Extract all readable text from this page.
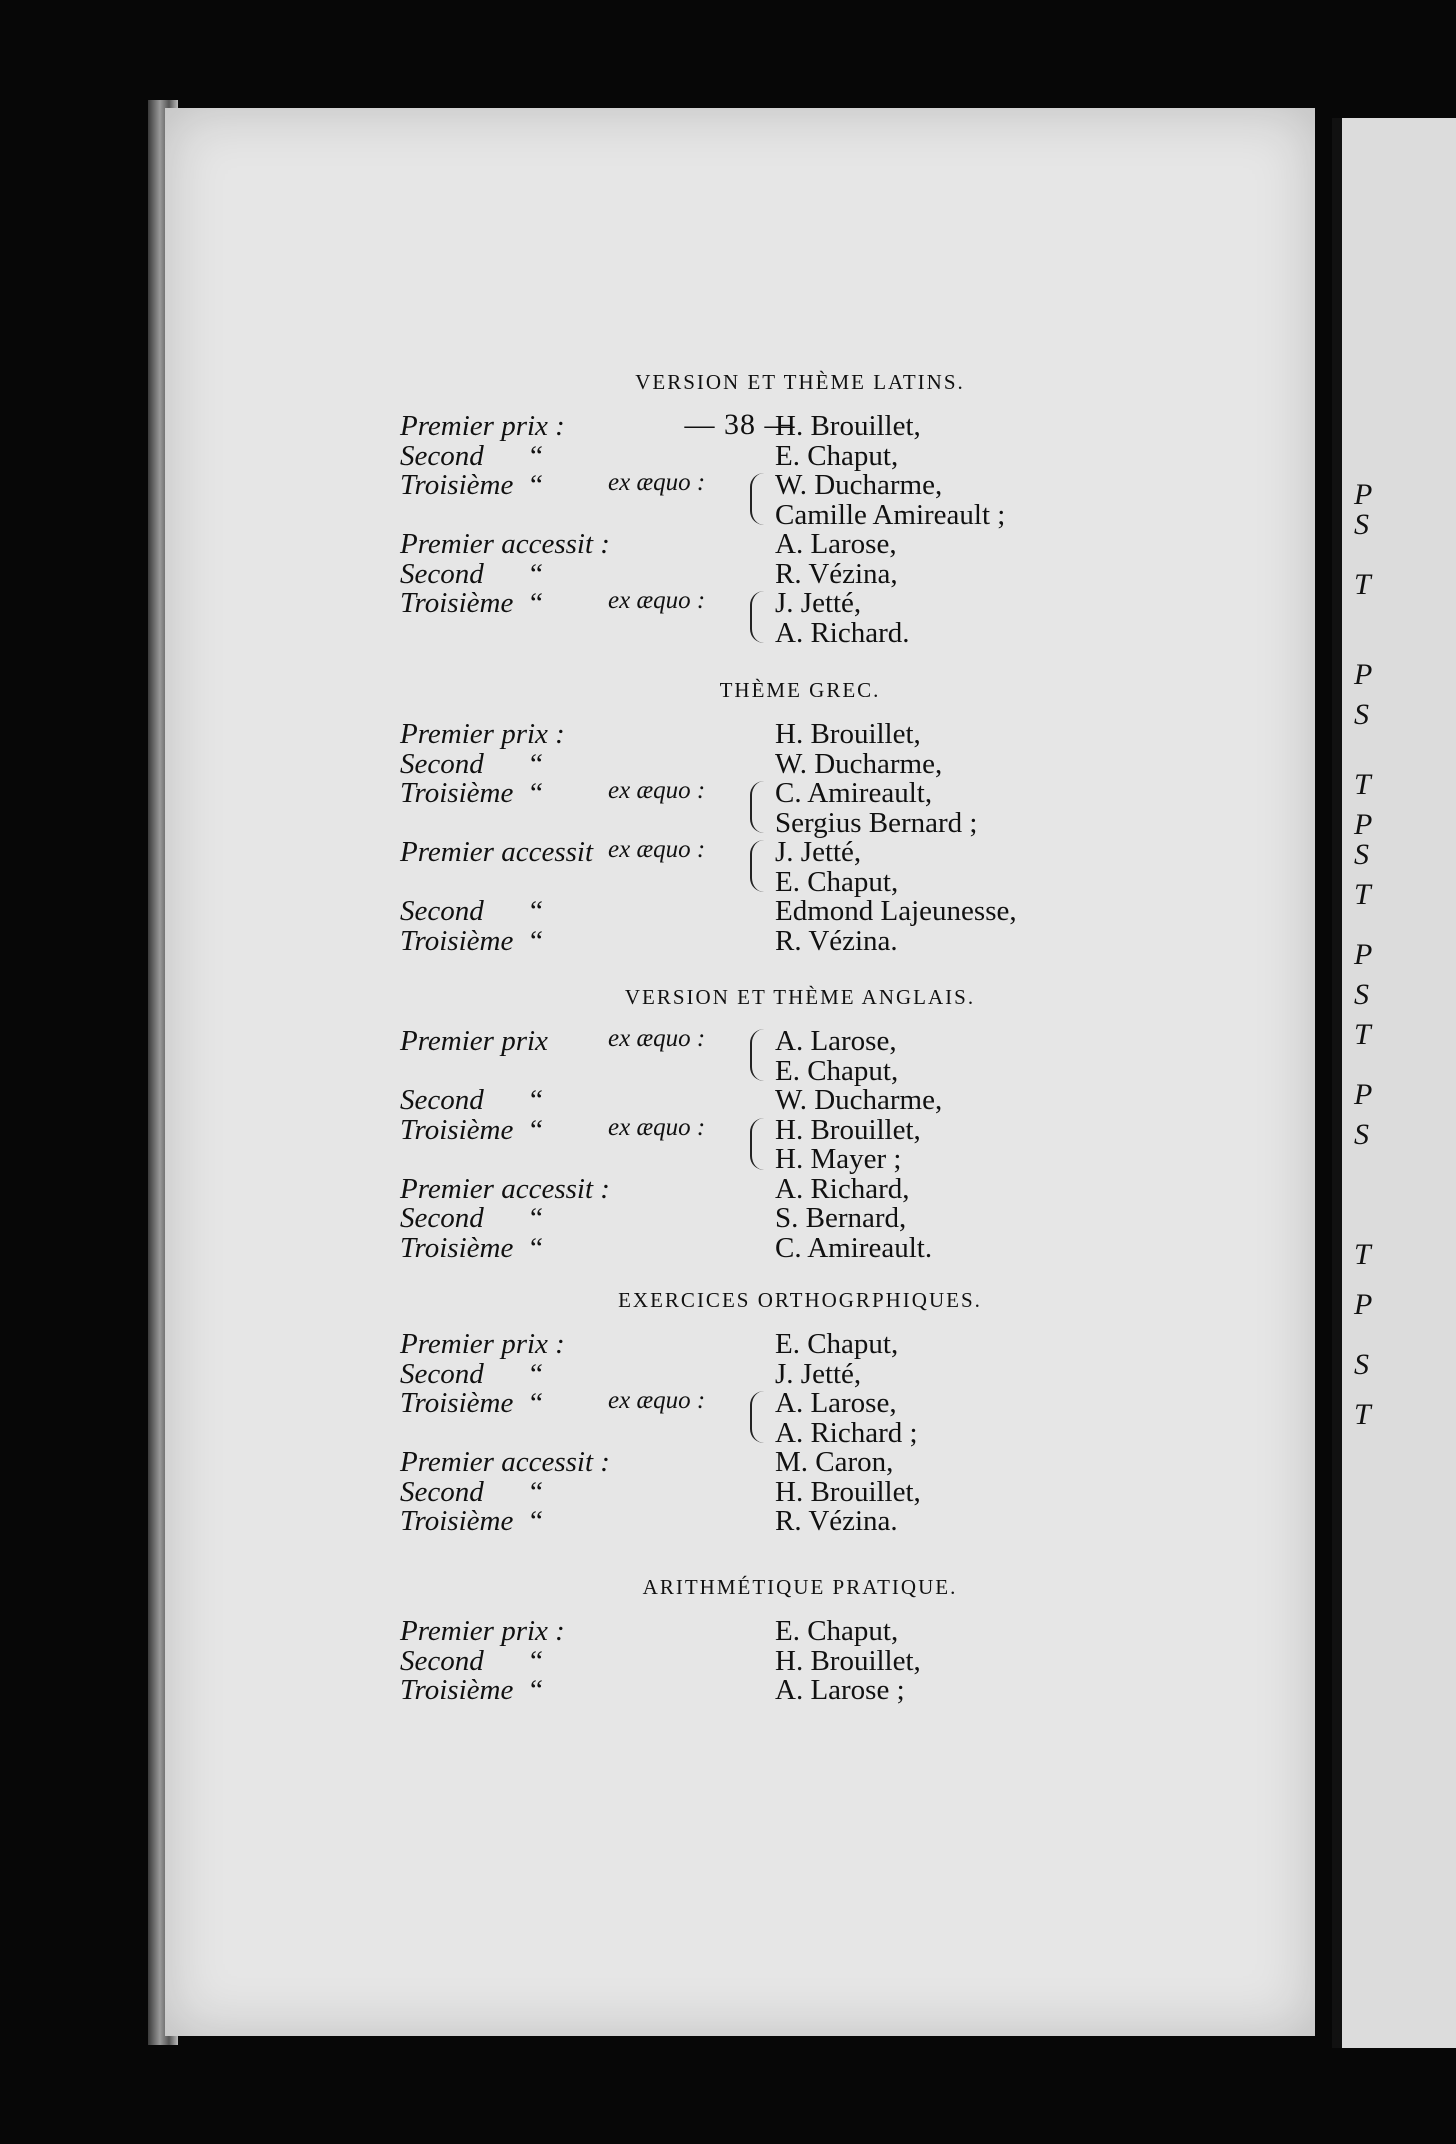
— 38 —
VERSION ET THÈME LATINS.
Premier prix :	H. Brouillet,
Second “	E. Chaput,
Troisième “	ex æquo : W. Ducharme,
Camille Amireault ;
Premier accessit :	A. Larose,
Second “	R. Vézina,
Troisième “	ex æquo : J. Jetté,
A. Richard.
THÈME GREC.
Premier prix :	H. Brouillet,
Second “	W. Ducharme,
Troisième “	ex æquo : C. Amireault,
Sergius Bernard ;
Premier accessit ex æquo : J. Jetté,
E. Chaput,
Second “	Edmond Lajeunesse,
Troisième “	R. Vézina.
VERSION ET THÈME ANGLAIS.
Premier prix ex æquo : A. Larose,
E. Chaput,
Second “	W. Ducharme,
Troisième “	ex æquo : H. Brouillet,
H. Mayer ;
Premier accessit :	A. Richard,
Second “	S. Bernard,
Troisième “	C. Amireault.
EXERCICES ORTHOGRPHIQUES.
Premier prix :	E. Chaput,
Second “	J. Jetté,
Troisième “	ex æquo : A. Larose,
A. Richard ;
Premier accessit :	M. Caron,
Second “	H. Brouillet,
Troisième “	R. Vézina.
ARITHMÉTIQUE PRATIQUE.
Premier prix :	E. Chaput,
Second “	H. Brouillet,
Troisième “	A. Larose ;
P
S
T
P
S
T
P
S
T
P
S
T
P
S
T
P
S
T
